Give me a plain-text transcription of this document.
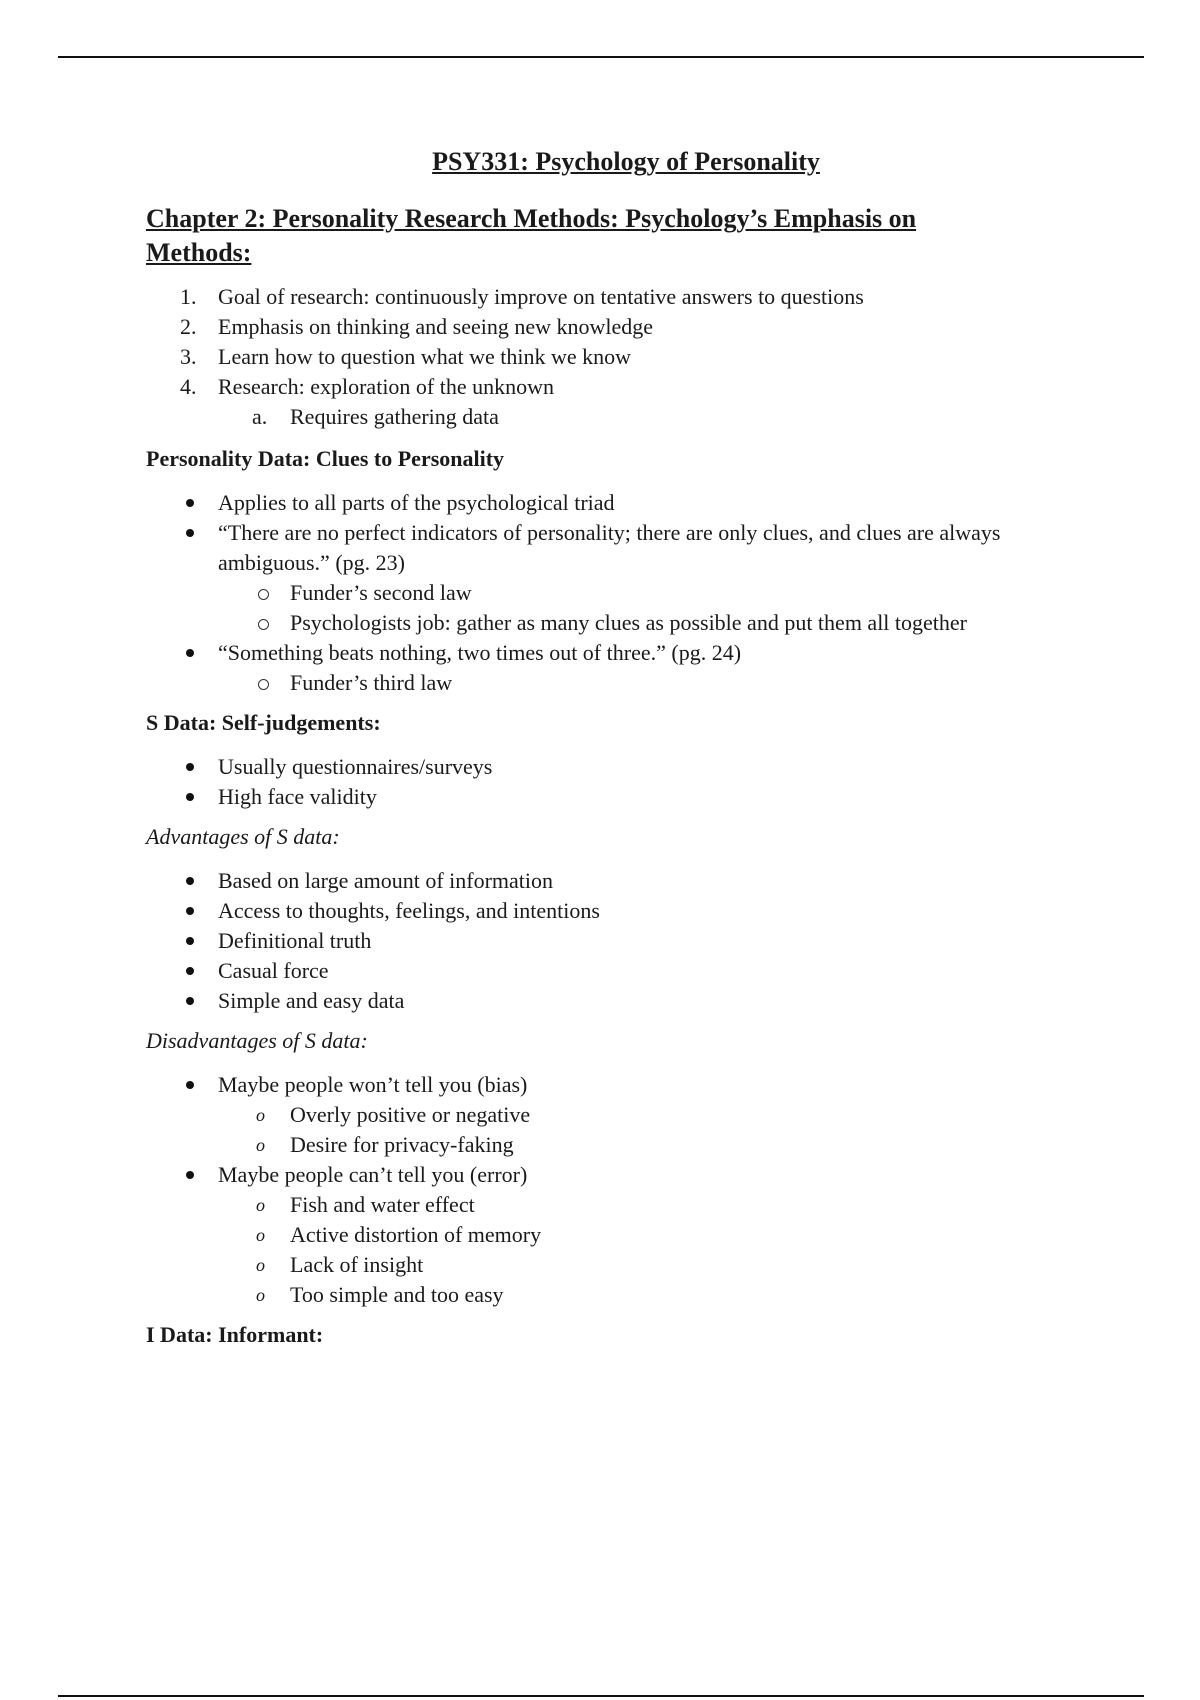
PSY331: Psychology of Personality
Chapter 2: Personality Research Methods: Psychology’s Emphasis on Methods:
1. Goal of research: continuously improve on tentative answers to questions
2. Emphasis on thinking and seeing new knowledge
3. Learn how to question what we think we know
4. Research: exploration of the unknown
a.	Requires gathering data
Personality Data: Clues to Personality
Applies to all parts of the psychological triad
“There are no perfect indicators of personality; there are only clues, and clues are always ambiguous.” (pg. 23)
Funder’s second law
Psychologists job: gather as many clues as possible and put them all together
“Something beats nothing, two times out of three.” (pg. 24)
Funder’s third law
S Data: Self-judgements:
Usually questionnaires/surveys
High face validity
Advantages of S data:
Based on large amount of information
Access to thoughts, feelings, and intentions
Definitional truth
Casual force
Simple and easy data
Disadvantages of S data:
Maybe people won’t tell you (bias)
o	Overly positive or negative
o	Desire for privacy-faking
Maybe people can’t tell you (error)
o	Fish and water effect
o	Active distortion of memory
o	Lack of insight
o	Too simple and too easy
I Data: Informant:
